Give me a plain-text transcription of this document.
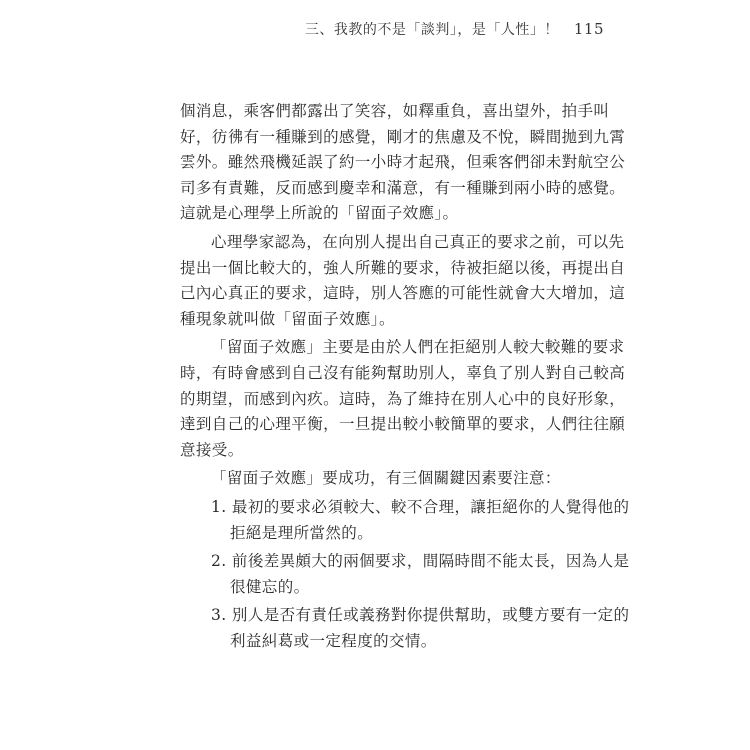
三、我教的不是「談判」，是「人性」！ 115
個消息，乘客們都露出了笑容，如釋重負，喜出望外，拍手叫
好，彷彿有一種賺到的感覺，剛才的焦慮及不悅，瞬間拋到九霄
雲外。雖然飛機延誤了約一小時才起飛，但乘客們卻未對航空公
司多有責難，反而感到慶幸和滿意，有一種賺到兩小時的感覺。
這就是心理學上所說的「留面子效應」。
心理學家認為，在向別人提出自己真正的要求之前，可以先
提出一個比較大的，強人所難的要求，待被拒絕以後，再提出自
己內心真正的要求，這時，別人答應的可能性就會大大增加，這
種現象就叫做「留面子效應」。
「留面子效應」主要是由於人們在拒絕別人較大較難的要求
時，有時會感到自己沒有能夠幫助別人，辜負了別人對自己較高
的期望，而感到內疚。這時，為了維持在別人心中的良好形象，
達到自己的心理平衡，一旦提出較小較簡單的要求，人們往往願
意接受。
「留面子效應」要成功，有三個關鍵因素要注意：
1. 最初的要求必須較大、較不合理，讓拒絕你的人覺得他的
拒絕是理所當然的。
2. 前後差異頗大的兩個要求，間隔時間不能太長，因為人是
很健忘的。
3. 別人是否有責任或義務對你提供幫助，或雙方要有一定的
利益糾葛或一定程度的交情。
